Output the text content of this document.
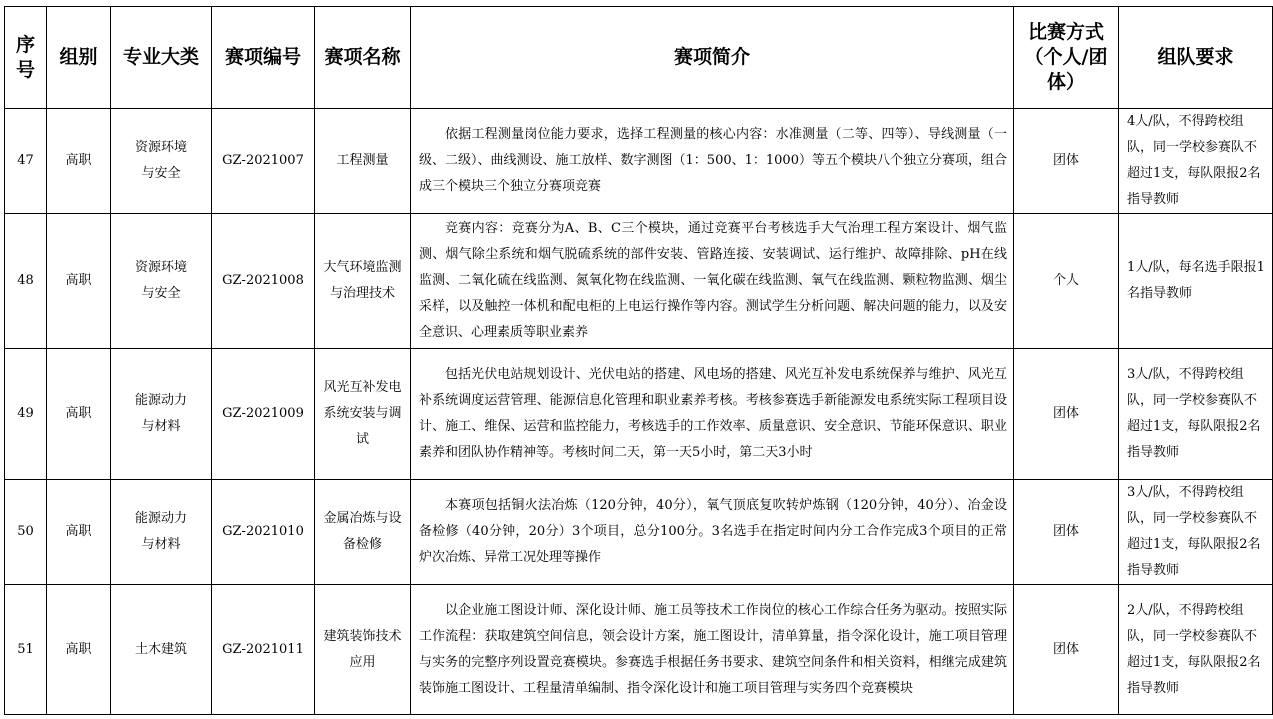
序号	组别	专业大类	赛项编号	赛项名称	赛项简介	比赛方式（个人/团体）	组队要求
47	高职	资源环境与安全	GZ-2021007	工程测量	依据工程测量岗位能力要求，选择工程测量的核心内容：水准测量（二等、四等）、导线测量（一级、二级）、曲线测设、施工放样、数字测图（1：500、1：1000）等五个模块八个独立分赛项，组合成三个模块三个独立分赛项竞赛	团体	4人/队，不得跨校组队，同一学校参赛队不超过1支，每队限报2名指导教师
48	高职	资源环境与安全	GZ-2021008	大气环境监测与治理技术	竞赛内容：竞赛分为A、B、C三个模块，通过竞赛平台考核选手大气治理工程方案设计、烟气监测、烟气除尘系统和烟气脱硫系统的部件安装、管路连接、安装调试、运行维护、故障排除、pH在线监测、二氧化硫在线监测、氮氧化物在线监测、一氧化碳在线监测、氧气在线监测、颗粒物监测、烟尘采样，以及触控一体机和配电柜的上电运行操作等内容。测试学生分析问题、解决问题的能力，以及安全意识、心理素质等职业素养	个人	1人/队，每名选手限报1名指导教师
49	高职	能源动力与材料	GZ-2021009	风光互补发电系统安装与调试	包括光伏电站规划设计、光伏电站的搭建、风电场的搭建、风光互补发电系统保养与维护、风光互补系统调度运营管理、能源信息化管理和职业素养考核。考核参赛选手新能源发电系统实际工程项目设计、施工、维保、运营和监控能力，考核选手的工作效率、质量意识、安全意识、节能环保意识、职业素养和团队协作精神等。考核时间二天，第一天5小时，第二天3小时	团体	3人/队，不得跨校组队，同一学校参赛队不超过1支，每队限报2名指导教师
50	高职	能源动力与材料	GZ-2021010	金属冶炼与设备检修	本赛项包括铜火法冶炼（120分钟，40分），氧气顶底复吹转炉炼钢（120分钟，40分）、冶金设备检修（40分钟，20分）3个项目，总分100分。3名选手在指定时间内分工合作完成3个项目的正常炉次冶炼、异常工况处理等操作	团体	3人/队，不得跨校组队，同一学校参赛队不超过1支，每队限报2名指导教师
51	高职	土木建筑	GZ-2021011	建筑装饰技术应用	以企业施工图设计师、深化设计师、施工员等技术工作岗位的核心工作综合任务为驱动。按照实际工作流程：获取建筑空间信息，领会设计方案，施工图设计，清单算量，指令深化设计，施工项目管理与实务的完整序列设置竞赛模块。参赛选手根据任务书要求、建筑空间条件和相关资料，相继完成建筑装饰施工图设计、工程量清单编制、指令深化设计和施工项目管理与实务四个竞赛模块	团体	2人/队，不得跨校组队，同一学校参赛队不超过1支，每队限报2名指导教师
